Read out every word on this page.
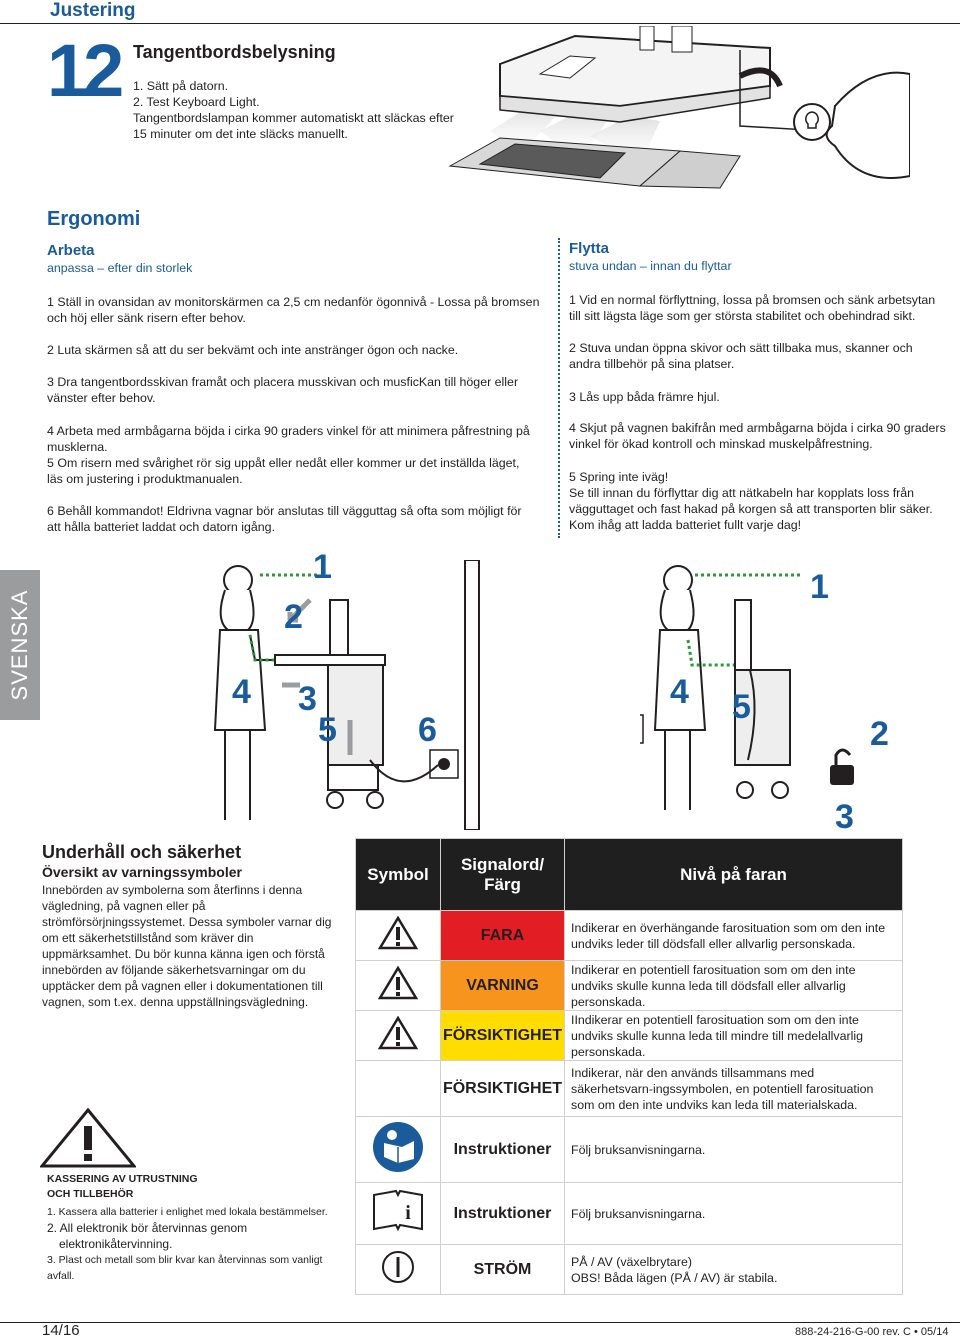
Justering
12 Tangentbordsbelysning
1. Sätt på datorn.
2. Test Keyboard Light.
Tangentbordslampan kommer automatiskt att släckas efter 15 minuter om det inte släcks manuellt.
Ergonomi
Arbeta
anpassa – efter din storlek
1 Ställ in ovansidan av monitorskärmen ca 2,5 cm nedanför ögonnivå - Lossa på bromsen och höj eller sänk risern efter behov.
2 Luta skärmen så att du ser bekvämt och inte anstränger ögon och nacke.
3 Dra tangentbordsskivan framåt och placera musskivan och musficKan till höger eller vänster efter behov.
4 Arbeta med armbågarna böjda i cirka 90 graders vinkel för att minimera påfrestning på musklerna.
5 Om risern med svårighet rör sig uppåt eller nedåt eller kommer ur det inställda läget, läs om justering i produktmanualen.
6 Behåll kommandot! Eldrivna vagnar bör anslutas till vägguttag så ofta som möjligt för att hålla batteriet laddat och datorn igång.
Flytta
stuva undan – innan du flyttar
1 Vid en normal förflyttning, lossa på bromsen och sänk arbetsytan till sitt lägsta läge som ger största stabilitet och obehindrad sikt.
2 Stuva undan öppna skivor och sätt tillbaka mus, skanner och andra tillbehör på sina platser.
3 Lås upp båda främre hjul.
4 Skjut på vagnen bakifrån med armbågarna böjda i cirka 90 graders vinkel för ökad kontroll och minskad muskelpåfrestning.
5 Spring inte iväg!
Se till innan du förflyttar dig att nätkabeln har kopplats loss från vägguttaget och fast hakad på korgen så att transporten blir säker. Kom ihåg att ladda batteriet fullt varje dag!
SVENSKA
1
2
3
4
5 6
1
2
3
4 5
Underhåll och säkerhet
Översikt av varningssymboler
Innebörden av symbolerna som återfinns i denna vägledning, på vagnen eller på strömförsörjningssystemet. Dessa symboler varnar dig om ett säkerhetstillstånd som kräver din uppmärksamhet. Du bör kunna känna igen och förstå innebörden av följande säkerhetsvarningar om du upptäcker dem på vagnen eller i dokumentationen till vagnen, som t.ex. denna uppställningsvägledning.
KASSERING AV UTRUSTNING
OCH TILLBEHÖR
1. Kassera alla batterier i enlighet med lokala bestämmelser.
2. All elektronik bör återvinnas genom
elektronikåtervinning.
3. Plast och metall som blir kvar kan återvinnas som vanligt avfall.
Symbol	Signalord/ Färg	Nivå på faran
	FARA	Indikerar en överhängande farosituation som om den inte undviks leder till dödsfall eller allvarlig personskada.

	VARNING	Indikerar en potentiell farosituation som om den inte undviks skulle kunna leda till dödsfall eller allvarlig personskada.

	FÖRSIKTIGHET	IIndikerar en potentiell farosituation som om den inte undviks skulle kunna leda till mindre till medelallvarlig personskada.

	FÖRSIKTIGHET	Indikerar, när den används tillsammans med säkerhetsvarn-ingssymbolen, en potentiell farosituation som om den inte undviks kan leda till materialskada.

	Instruktioner	Följ bruksanvisningarna.

i	Instruktioner	Följ bruksanvisningarna.

	STRÖM	PÅ / AV (växelbrytare)
OBS! Båda lägen (PÅ / AV) är stabila.
14/16	888-24-216-G-00 rev. C • 05/14
